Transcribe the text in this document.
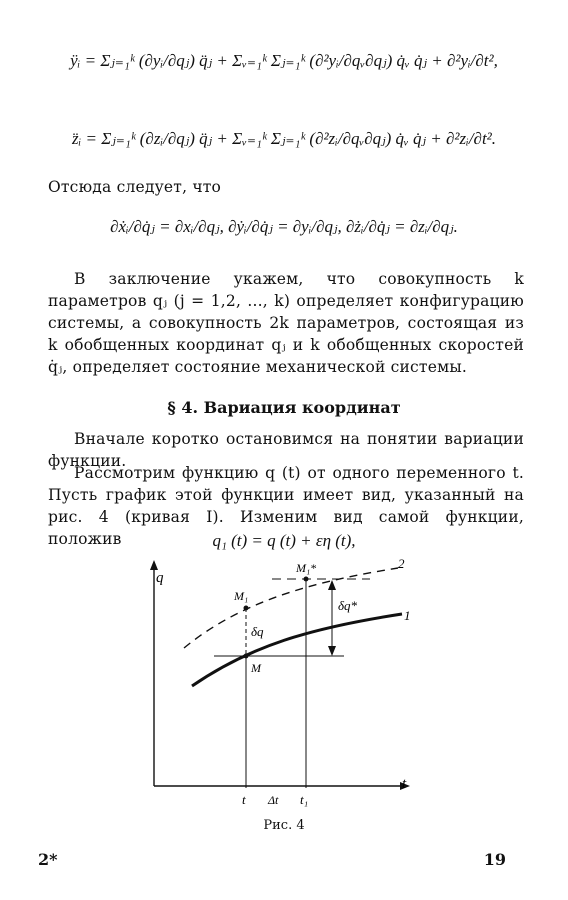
ÿᵢ = Σⱼ₌₁ᵏ (∂yᵢ/∂qⱼ) q̈ⱼ + Σᵥ₌₁ᵏ Σⱼ₌₁ᵏ (∂²yᵢ/∂qᵥ∂qⱼ) q̇ᵥ q̇ⱼ + ∂²yᵢ/∂t²,
z̈ᵢ = Σⱼ₌₁ᵏ (∂zᵢ/∂qⱼ) q̈ⱼ + Σᵥ₌₁ᵏ Σⱼ₌₁ᵏ (∂²zᵢ/∂qᵥ∂qⱼ) q̇ᵥ q̇ⱼ + ∂²zᵢ/∂t².
Отсюда следует, что
∂ẋᵢ/∂q̇ⱼ = ∂xᵢ/∂qⱼ, ∂ẏᵢ/∂q̇ⱼ = ∂yᵢ/∂qⱼ, ∂żᵢ/∂q̇ⱼ = ∂zᵢ/∂qⱼ.
В заключение укажем, что совокупность k параметров qⱼ (j = 1,2, ..., k) определяет конфигурацию системы, а совокупность 2k параметров, состоящая из k обобщенных координат qⱼ и k обобщенных скоростей q̇ⱼ, определяет состояние механической системы.
§ 4. Вариация координат
Вначале коротко остановимся на понятии вариации функции.
Рассмотрим функцию q (t) от одного переменного t. Пусть график этой функции имеет вид, указанный на рис. 4 (кривая I). Изменим вид самой функции, положив	q₁ (t) = q (t) + εη (t),
q
t
1
2
M
M₁
M₁*
δq
δq*
t Δt t₁
Рис. 4
2*	19
